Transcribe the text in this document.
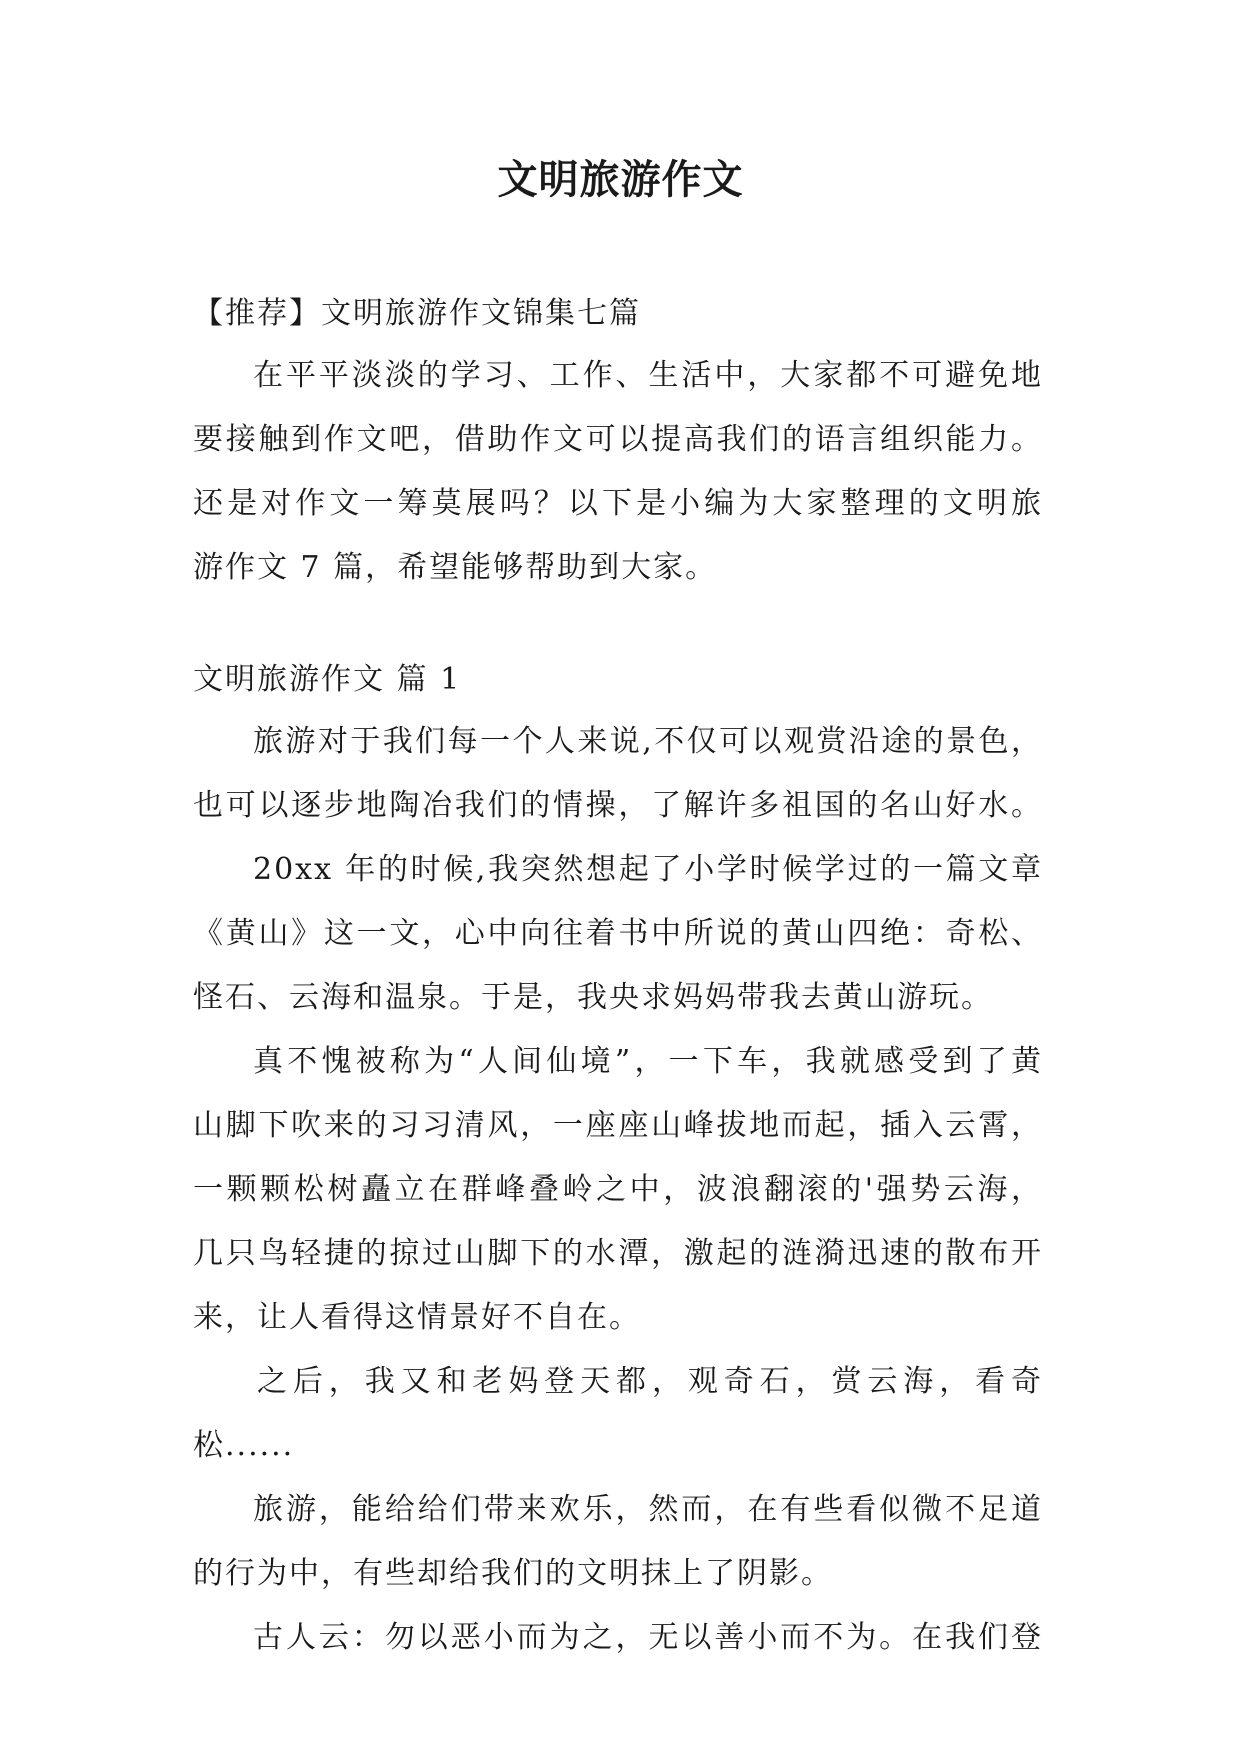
文明旅游作文
【推荐】文明旅游作文锦集七篇
在平平淡淡的学习、工作、生活中，大家都不可避免地
要接触到作文吧，借助作文可以提高我们的语言组织能力。
还是对作文一筹莫展吗？以下是小编为大家整理的文明旅
游作文 7 篇，希望能够帮助到大家。
文明旅游作文 篇 1
旅游对于我们每一个人来说,不仅可以观赏沿途的景色，
也可以逐步地陶冶我们的情操，了解许多祖国的名山好水。
20xx 年的时候,我突然想起了小学时候学过的一篇文章
《黄山》这一文，心中向往着书中所说的黄山四绝：奇松、
怪石、云海和温泉。于是，我央求妈妈带我去黄山游玩。
真不愧被称为“人间仙境”，一下车，我就感受到了黄
山脚下吹来的习习清风，一座座山峰拔地而起，插入云霄，
一颗颗松树矗立在群峰叠岭之中，波浪翻滚的'强势云海，
几只鸟轻捷的掠过山脚下的水潭，激起的涟漪迅速的散布开
来，让人看得这情景好不自在。
之后，我又和老妈登天都，观奇石，赏云海，看奇
松......
旅游，能给给们带来欢乐，然而，在有些看似微不足道
的行为中，有些却给我们的文明抹上了阴影。
古人云：勿以恶小而为之，无以善小而不为。在我们登
